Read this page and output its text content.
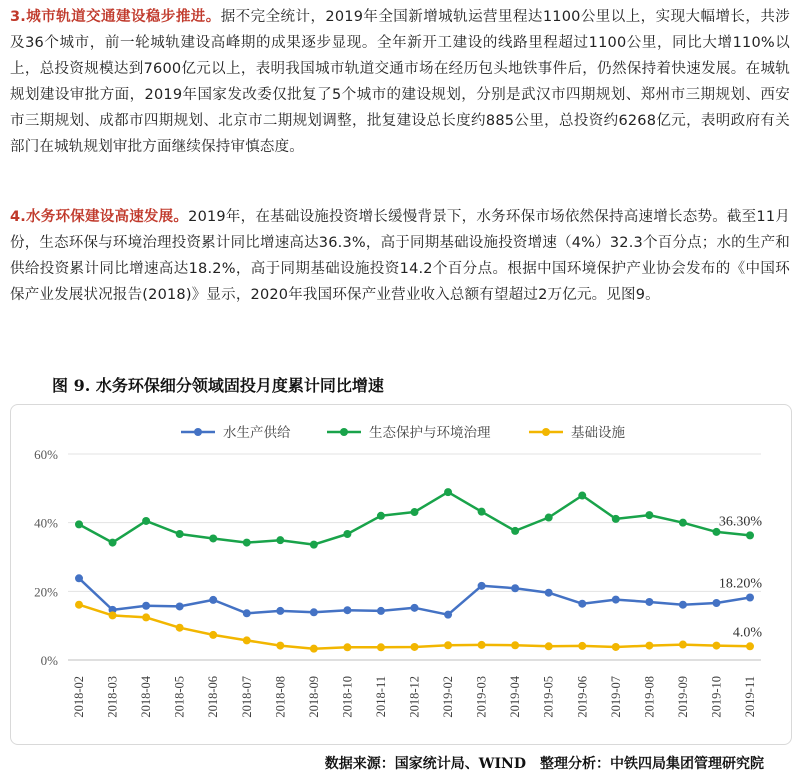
3.城市轨道交通建设稳步推进。据不完全统计，2019年全国新增城轨运营里程达1100公里以上，实现大幅增长，共涉及36个城市，前一轮城轨建设高峰期的成果逐步显现。全年新开工建设的线路里程超过1100公里，同比大增110%以上，总投资规模达到7600亿元以上，表明我国城市轨道交通市场在经历包头地铁事件后，仍然保持着快速发展。在城轨规划建设审批方面，2019年国家发改委仅批复了5个城市的建设规划，分别是武汉市四期规划、郑州市三期规划、西安市三期规划、成都市四期规划、北京市二期规划调整，批复建设总长度约885公里，总投资约6268亿元，表明政府有关部门在城轨规划审批方面继续保持审慎态度。
4.水务环保建设高速发展。2019年，在基础设施投资增长缓慢背景下，水务环保市场依然保持高速增长态势。截至11月份，生态环保与环境治理投资累计同比增速高达36.3%，高于同期基础设施投资增速（4%）32.3个百分点；水的生产和供给投资累计同比增速高达18.2%，高于同期基础设施投资14.2个百分点。根据中国环境保护产业协会发布的《中国环保产业发展状况报告(2018)》显示，2020年我国环保产业营业收入总额有望超过2万亿元。见图9。
图 9. 水务环保细分领域固投月度累计同比增速
0%
20%
40%
60%
2018-02 2018-03 2018-04 2018-05 2018-06 2018-07 2018-08 2018-09 2018-10 2018-11 2018-12 2019-02 2019-03 2019-04 2019-05 2019-06 2019-07 2019-08 2019-09 2019-10 2019-11
水生产供给	生态保护与环境治理	基础设施
18.20%
36.30%
4.0%
数据来源：国家统计局、WIND 整理分析：中铁四局集团管理研究院
